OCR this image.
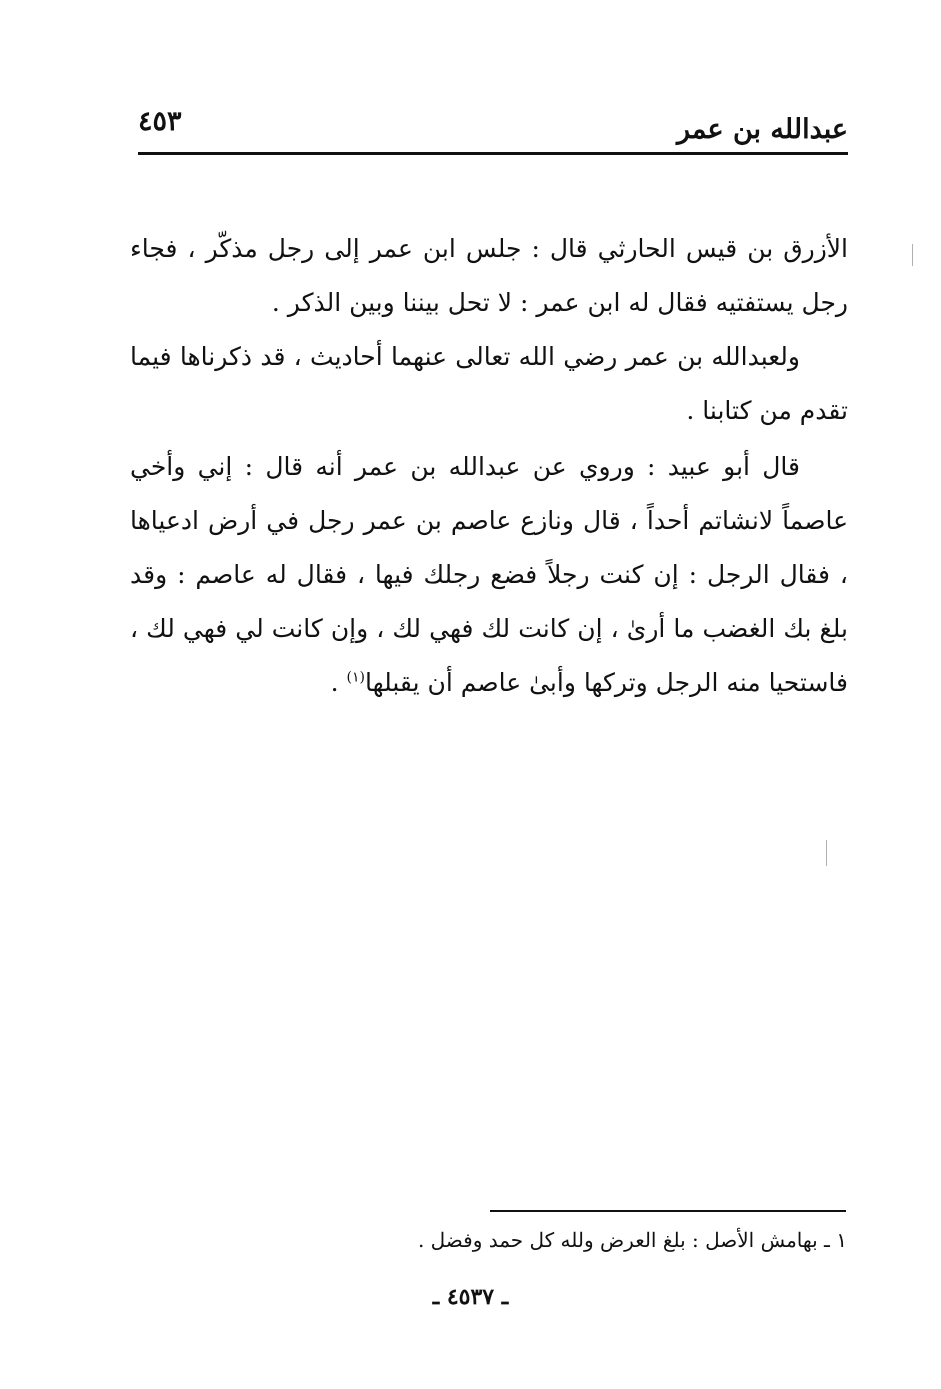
عبدالله بن عمر
٤٥٣

الأزرق بن قيس الحارثي قال : جلس ابن عمر إلى رجل مذكّر ، فجاء رجل يستفتيه فقال له ابن عمر : لا تحل بيننا وبين الذكر .

ولعبدالله بن عمر رضي الله تعالى عنهما أحاديث ، قد ذكرناها فيما تقدم من كتابنا .

قال أبو عبيد : وروي عن عبدالله بن عمر أنه قال : إني وأخي عاصماً لانشاتم أحداً ، قال ونازع عاصم بن عمر رجل في أرض ادعياها ، فقال الرجل : إن كنت رجلاً فضع رجلك فيها ، فقال له عاصم : وقد بلغ بك الغضب ما أرىٰ ، إن كانت لك فهي لك ، وإن كانت لي فهي لك ، فاستحيا منه الرجل وتركها وأبىٰ عاصم أن يقبلها$^{(١)}$ .

١ ـ بهامش الأصل : بلغ العرض ولله كل حمد وفضل .
ـ ٤٥٣٧ ـ
